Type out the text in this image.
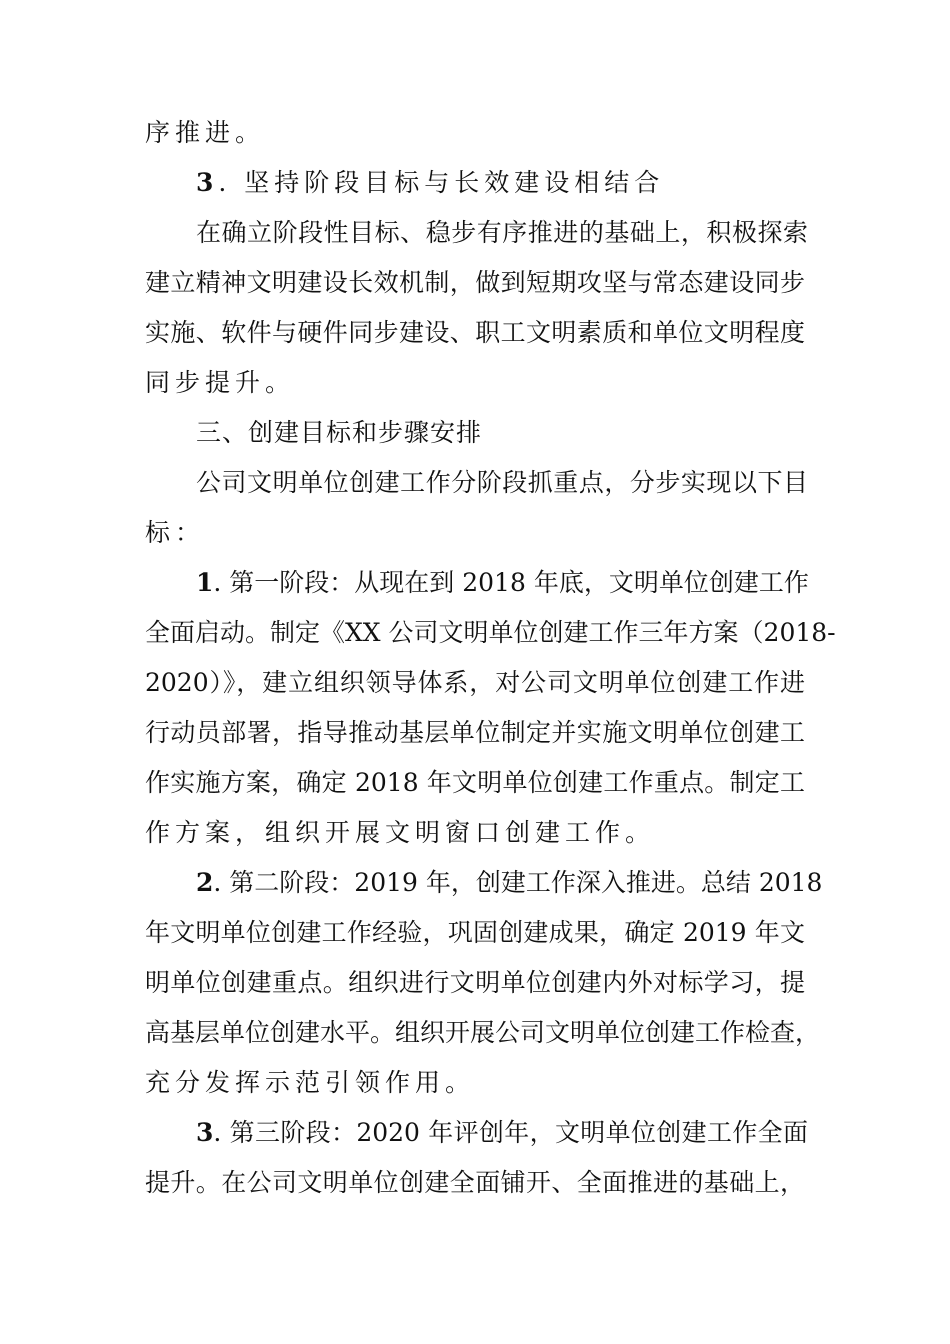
序推进。
3. 坚持阶段目标与长效建设相结合
在确立阶段性目标、稳步有序推进的基础上，积极探索
建立精神文明建设长效机制，做到短期攻坚与常态建设同步
实施、软件与硬件同步建设、职工文明素质和单位文明程度
同步提升。
三、创建目标和步骤安排
公司文明单位创建工作分阶段抓重点，分步实现以下目
标：
1. 第一阶段：从现在到 2018 年底，文明单位创建工作
全面启动。制定《XX 公司文明单位创建工作三年方案（2018-
2020）》，建立组织领导体系，对公司文明单位创建工作进
行动员部署，指导推动基层单位制定并实施文明单位创建工
作实施方案，确定 2018 年文明单位创建工作重点。制定工
作方案，组织开展文明窗口创建工作。
2. 第二阶段：2019 年，创建工作深入推进。总结 2018
年文明单位创建工作经验，巩固创建成果，确定 2019 年文
明单位创建重点。组织进行文明单位创建内外对标学习，提
高基层单位创建水平。组织开展公司文明单位创建工作检查，
充分发挥示范引领作用。
3. 第三阶段：2020 年评创年，文明单位创建工作全面
提升。在公司文明单位创建全面铺开、全面推进的基础上，
